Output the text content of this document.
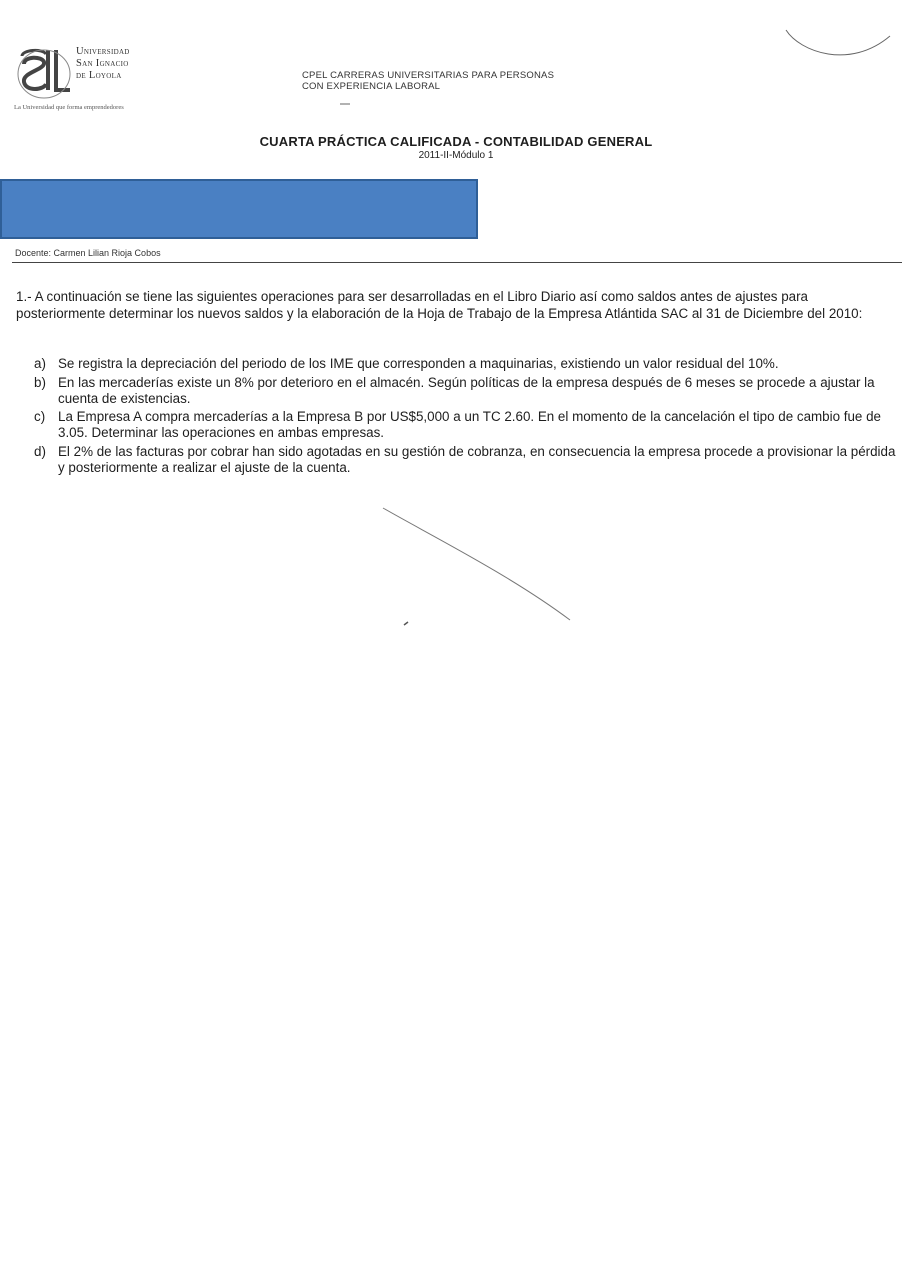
Universidad
San Ignacio
de Loyola
La Universidad que forma emprendedores
CPEL CARRERAS UNIVERSITARIAS PARA PERSONAS
CON EXPERIENCIA LABORAL
CUARTA PRÁCTICA CALIFICADA - CONTABILIDAD GENERAL
2011-II-Módulo 1
Docente: Carmen Lilian Rioja Cobos
1.- A continuación se tiene las siguientes operaciones para ser desarrolladas en el Libro Diario así como saldos antes de ajustes para posteriormente determinar los nuevos saldos y la elaboración de la Hoja de Trabajo de la Empresa Atlántida SAC al 31 de Diciembre del 2010:
a) Se registra la depreciación del periodo de los IME que corresponden a maquinarias, existiendo un valor residual del 10%.
b) En las mercaderías existe un 8% por deterioro en el almacén. Según políticas de la empresa después de 6 meses se procede a ajustar la cuenta de existencias.
c) La Empresa A compra mercaderías a la Empresa B por US$5,000 a un TC 2.60. En el momento de la cancelación el tipo de cambio fue de 3.05. Determinar las operaciones en ambas empresas.
d) El 2% de las facturas por cobrar han sido agotadas en su gestión de cobranza, en consecuencia la empresa procede a provisionar la pérdida y posteriormente a realizar el ajuste de la cuenta.
